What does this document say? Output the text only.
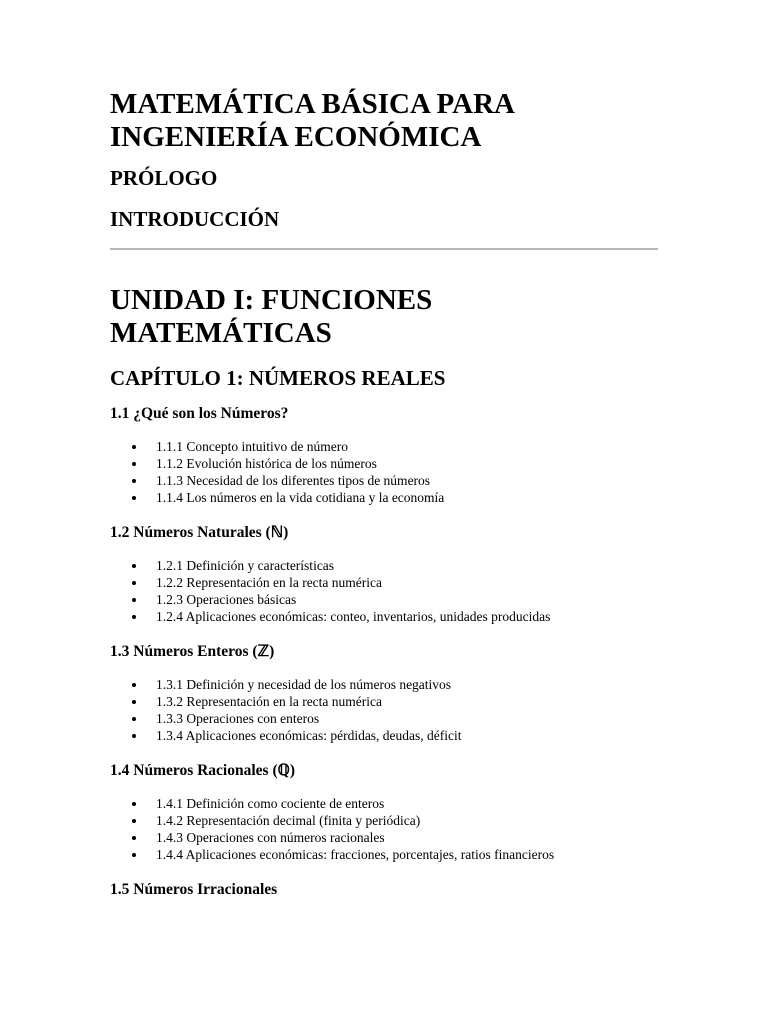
MATEMÁTICA BÁSICA PARA
INGENIERÍA ECONÓMICA
PRÓLOGO
INTRODUCCIÓN
UNIDAD I: FUNCIONES
MATEMÁTICAS
CAPÍTULO 1: NÚMEROS REALES
1.1 ¿Qué son los Números?
1.1.1 Concepto intuitivo de número
1.1.2 Evolución histórica de los números
1.1.3 Necesidad de los diferentes tipos de números
1.1.4 Los números en la vida cotidiana y la economía
1.2 Números Naturales (ℕ)
1.2.1 Definición y características
1.2.2 Representación en la recta numérica
1.2.3 Operaciones básicas
1.2.4 Aplicaciones económicas: conteo, inventarios, unidades producidas
1.3 Números Enteros (ℤ)
1.3.1 Definición y necesidad de los números negativos
1.3.2 Representación en la recta numérica
1.3.3 Operaciones con enteros
1.3.4 Aplicaciones económicas: pérdidas, deudas, déficit
1.4 Números Racionales (ℚ)
1.4.1 Definición como cociente de enteros
1.4.2 Representación decimal (finita y periódica)
1.4.3 Operaciones con números racionales
1.4.4 Aplicaciones económicas: fracciones, porcentajes, ratios financieros
1.5 Números Irracionales
